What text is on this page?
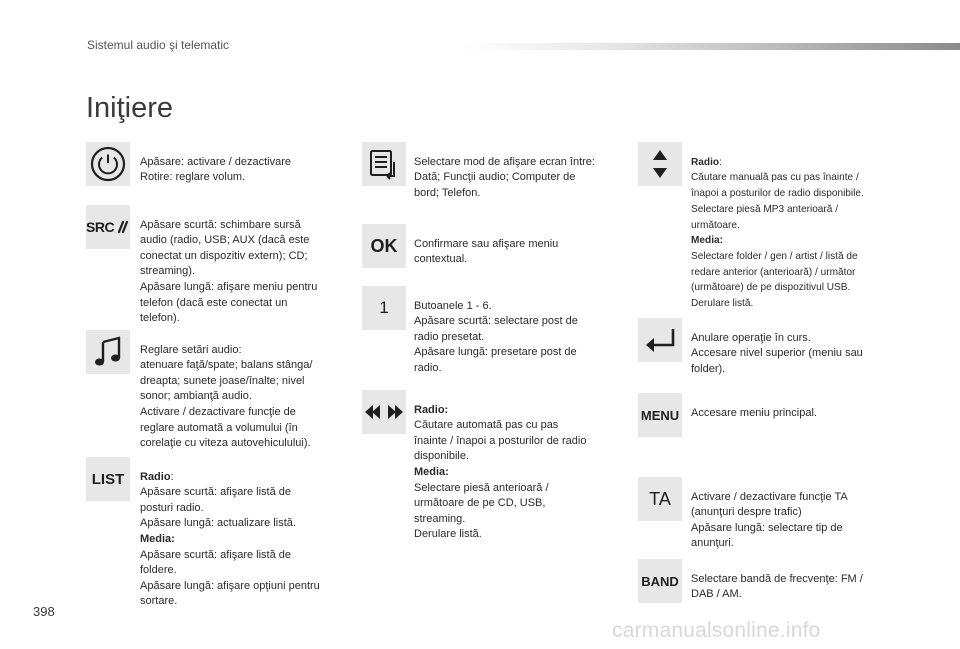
Sistemul audio şi telematic
Iniţiere

Apăsare: activare / dezactivare
Rotire: reglare volum.

SRC Apăsare scurtă: schimbare sursă
audio (radio, USB; AUX (dacă este
conectat un dispozitiv extern); CD;
streaming).
Apăsare lungă: afişare meniu pentru
telefon (dacă este conectat un
telefon).

Reglare setări audio:
atenuare faţă/spate; balans stânga/
dreapta; sunete joase/înalte; nivel
sonor; ambianţă audio.
Activare / dezactivare funcţie de
reglare automată a volumului (în
corelaţie cu viteza autovehiculului).

LIST Radio:
Apăsare scurtă: afişare listă de
posturi radio.
Apăsare lungă: actualizare listă.
Media:
Apăsare scurtă: afişare listă de
foldere.
Apăsare lungă: afişare opţiuni pentru
sortare.

Selectare mod de afişare ecran între:
Dată; Funcţii audio; Computer de
bord; Telefon.

OK Confirmare sau afişare meniu
contextual.

1 Butoanele 1 - 6.
Apăsare scurtă: selectare post de
radio presetat.
Apăsare lungă: presetare post de
radio.

Radio:
Căutare automată pas cu pas
înainte / înapoi a posturilor de radio
disponibile.
Media:
Selectare piesă anterioară /
următoare de pe CD, USB,
streaming.
Derulare listă.

Radio:
Căutare manuală pas cu pas înainte /
înapoi a posturilor de radio disponibile.
Selectare piesă MP3 anterioară /
următoare.
Media:
Selectare folder / gen / artist / listă de
redare anterior (anterioară) / următor
(următoare) de pe dispozitivul USB.
Derulare listă.

Anulare operaţie în curs.
Accesare nivel superior (meniu sau
folder).

MENU Accesare meniu principal.

TA Activare / dezactivare funcţie TA
(anunţuri despre trafic)
Apăsare lungă: selectare tip de
anunţuri.

BAND Selectare bandă de frecvenţe: FM /
DAB / AM.

398
carmanualsonline.info
